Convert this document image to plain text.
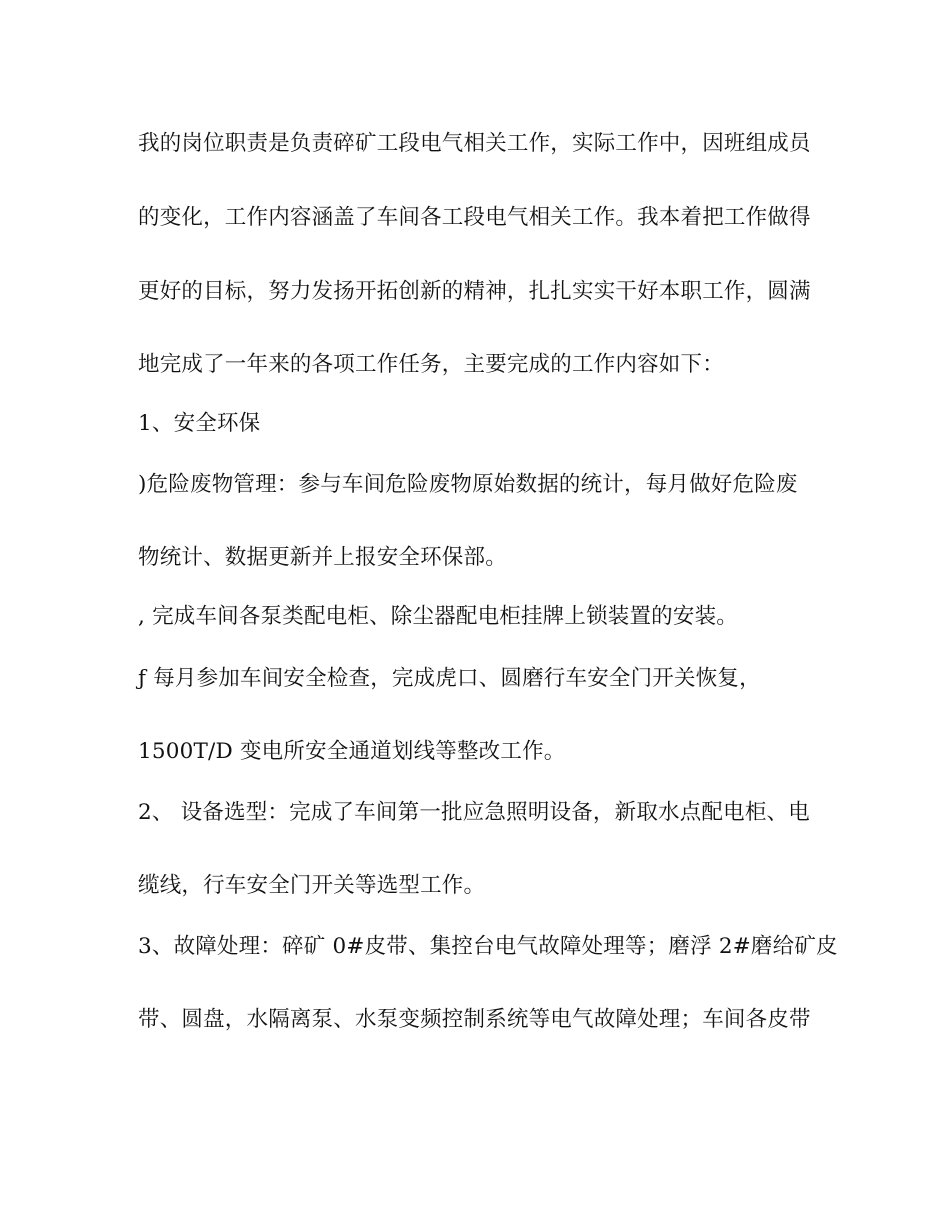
我的岗位职责是负责碎矿工段电气相关工作，实际工作中，因班组成员
的变化，工作内容涵盖了车间各工段电气相关工作。我本着把工作做得
更好的目标，努力发扬开拓创新的精神，扎扎实实干好本职工作，圆满
地完成了一年来的各项工作任务，主要完成的工作内容如下：
1、安全环保
)危险废物管理：参与车间危险废物原始数据的统计，每月做好危险废
物统计、数据更新并上报安全环保部。
, 完成车间各泵类配电柜、除尘器配电柜挂牌上锁装置的安装。
ƒ 每月参加车间安全检查，完成虎口、圆磨行车安全门开关恢复，
1500T/D 变电所安全通道划线等整改工作。
2、 设备选型：完成了车间第一批应急照明设备，新取水点配电柜、电
缆线，行车安全门开关等选型工作。
3、故障处理：碎矿 0#皮带、集控台电气故障处理等；磨浮 2#磨给矿皮
带、圆盘，水隔离泵、水泵变频控制系统等电气故障处理；车间各皮带
